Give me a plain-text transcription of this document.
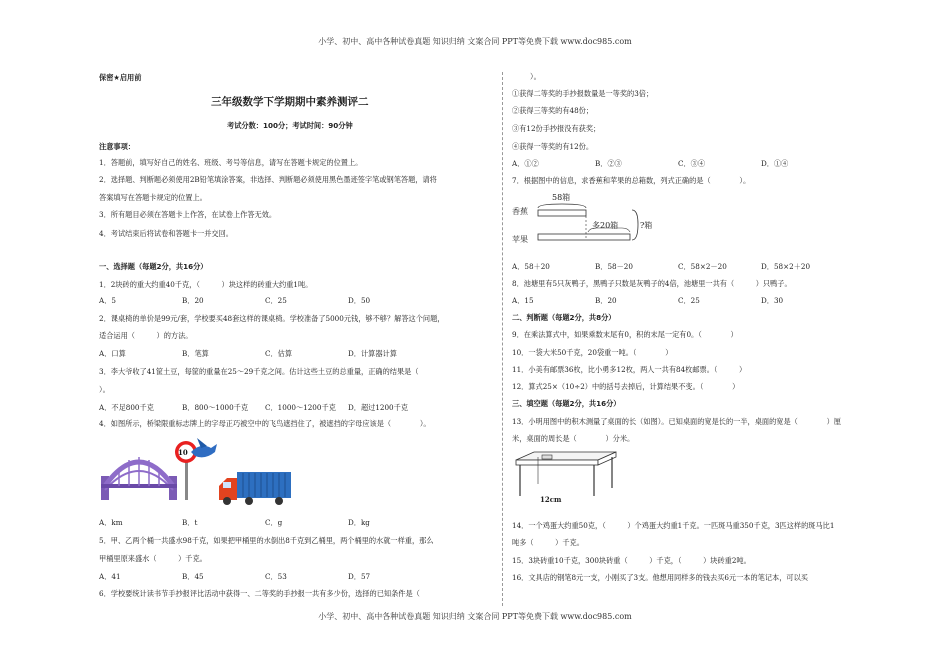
小学、初中、高中各种试卷真题 知识归纳 文案合同 PPT等免费下载 www.doc985.com
保密★启用前
三年级数学下学期期中素养测评二
考试分数：100分；考试时间：90分钟
注意事项：
1．答题前，填写好自己的姓名、班级、考号等信息，请写在答题卡规定的位置上。
2．选择题、判断题必须使用2B铅笔填涂答案，非选择、判断题必须使用黑色墨迹签字笔或钢笔答题，请将
答案填写在答题卡规定的位置上。
3．所有题目必须在答题卡上作答，在试卷上作答无效。
4．考试结束后将试卷和答题卡一并交回。
一、选择题（每题2分，共16分）
1．2块砖的重大约重40千克，（　　　）块这样的砖重大约重1吨。
A．5	B．20	C．25	D．50
2．课桌椅的单价是99元/套，学校要买48套这样的课桌椅。学校准备了5000元钱，够不够？解答这个问题，
适合运用（　　　）的方法。
A．口算	B．笔算	C．估算	D．计算器计算
3．李大爷收了41筐土豆，每筐的重量在25～29千克之间。估计这些土豆的总重量，正确的结果是（
）。
A．不足800千克	B．800～1000千克 C．1000～1200千克 D．超过1200千克
4．如图所示，桥梁限重标志牌上的字母正巧被空中的飞鸟遮挡住了，被遮挡的字母应该是（　　　　）。
10
A．km	B．t	C．g	D．kg
5．甲、乙两个桶一共盛水98千克，如果把甲桶里的水倒出8千克到乙桶里，两个桶里的水就一样重，那么
甲桶里原来盛水（　　　）千克。
A．41	B．45	C．53	D．57
6．学校要统计读书节手抄报评比活动中获得一、二等奖的手抄报一共有多少份，选择的已知条件是（
）。
①获得二等奖的手抄报数量是一等奖的3倍；
②获得三等奖的有48份；
③有12份手抄报没有获奖；
④获得一等奖的有12份。
A．①②	B．②③	C．③④	D．①④
7．根据图中的信息，求香蕉和苹果的总箱数，列式正确的是（　　　　）。
58箱
香蕉
苹果
多20箱	?箱
A．58＋20	B．58－20	C．58×2－20	D．58×2＋20
8．池塘里有5只灰鸭子，黑鸭子只数是灰鸭子的4倍，池塘里一共有（　　　）只鸭子。
A．15	B．20	C．25	D．30
二、判断题（每题2分，共8分）
9．在乘法算式中，如果乘数末尾有0，积的末尾一定有0。（　　　　）
10．一袋大米50千克，20袋重一吨。（　　　　）
11．小美有邮票36枚，比小勇多12枚，两人一共有84枚邮票。（　　　）
12．算式25×（10÷2）中的括号去掉后，计算结果不变。（　　　　）
三、填空题（每题2分，共16分）
13．小明用图中的积木测量了桌面的长（如图）。已知桌面的宽是长的一半，桌面的宽是（　　　　）厘
米，桌面的周长是（　　　　）分米。
12cm
14．一个鸡蛋大约重50克，（　　　）个鸡蛋大约重1千克。一匹斑马重350千克，3匹这样的斑马比1
吨多（　　　）千克。
15．3块砖重10千克，300块砖重（　　　）千克，（　　　）块砖重2吨。
16．文具店的钢笔8元一支，小刚买了3支。他想用同样多的钱去买6元一本的笔记本，可以买
小学、初中、高中各种试卷真题 知识归纳 文案合同 PPT等免费下载 www.doc985.com
